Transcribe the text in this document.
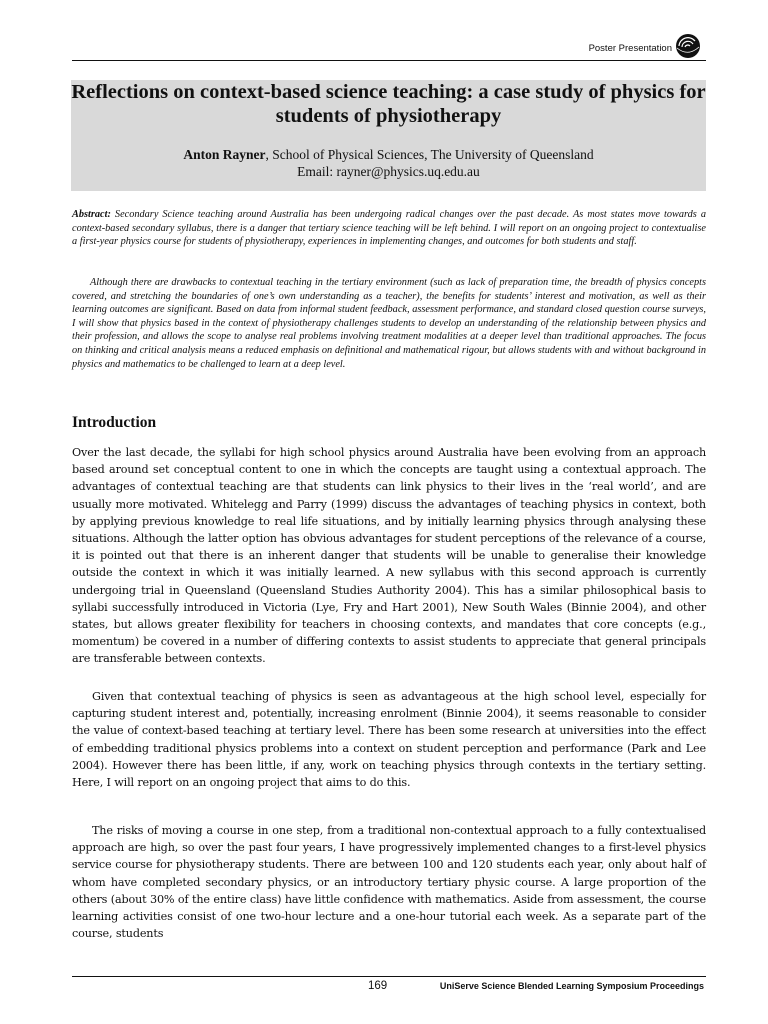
Poster Presentation
Reflections on context-based science teaching: a case study of physics for students of physiotherapy

Anton Rayner, School of Physical Sciences, The University of Queensland

Email: rayner@physics.uq.edu.au

Abstract: Secondary Science teaching around Australia has been undergoing radical changes over the past decade. As most states move towards a context-based secondary syllabus, there is a danger that tertiary science teaching will be left behind. I will report on an ongoing project to contextualise a first-year physics course for students of physiotherapy, experiences in implementing changes, and outcomes for both students and staff.

Although there are drawbacks to contextual teaching in the tertiary environment (such as lack of preparation time, the breadth of physics concepts covered, and stretching the boundaries of one’s own understanding as a teacher), the benefits for students’ interest and motivation, as well as their learning outcomes are significant. Based on data from informal student feedback, assessment performance, and standard closed question course surveys, I will show that physics based in the context of physiotherapy challenges students to develop an understanding of the relationship between physics and their profession, and allows the scope to analyse real problems involving treatment modalities at a deeper level than traditional approaches. The focus on thinking and critical analysis means a reduced emphasis on definitional and mathematical rigour, but allows students with and without background in physics and mathematics to be challenged to learn at a deep level.

Introduction

Over the last decade, the syllabi for high school physics around Australia have been evolving from an approach based around set conceptual content to one in which the concepts are taught using a contextual approach. The advantages of contextual teaching are that students can link physics to their lives in the ‘real world’, and are usually more motivated. Whitelegg and Parry (1999) discuss the advantages of teaching physics in context, both by applying previous knowledge to real life situations, and by initially learning physics through analysing these situations. Although the latter option has obvious advantages for student perceptions of the relevance of a course, it is pointed out that there is an inherent danger that students will be unable to generalise their knowledge outside the context in which it was initially learned. A new syllabus with this second approach is currently undergoing trial in Queensland (Queensland Studies Authority 2004). This has a similar philosophical basis to syllabi successfully introduced in Victoria (Lye, Fry and Hart 2001), New South Wales (Binnie 2004), and other states, but allows greater flexibility for teachers in choosing contexts, and mandates that core concepts (e.g., momentum) be covered in a number of differing contexts to assist students to appreciate that general principals are transferable between contexts.

Given that contextual teaching of physics is seen as advantageous at the high school level, especially for capturing student interest and, potentially, increasing enrolment (Binnie 2004), it seems reasonable to consider the value of context-based teaching at tertiary level. There has been some research at universities into the effect of embedding traditional physics problems into a context on student perception and performance (Park and Lee 2004). However there has been little, if any, work on teaching physics through contexts in the tertiary setting. Here, I will report on an ongoing project that aims to do this.

The risks of moving a course in one step, from a traditional non-contextual approach to a fully contextualised approach are high, so over the past four years, I have progressively implemented changes to a first-level physics service course for physiotherapy students. There are between 100 and 120 students each year, only about half of whom have completed secondary physics, or an introductory tertiary physic course. A large proportion of the others (about 30% of the entire class) have little confidence with mathematics. Aside from assessment, the course learning activities consist of one two-hour lecture and a one-hour tutorial each week. As a separate part of the course, students

169	UniServe Science Blended Learning Symposium Proceedings
